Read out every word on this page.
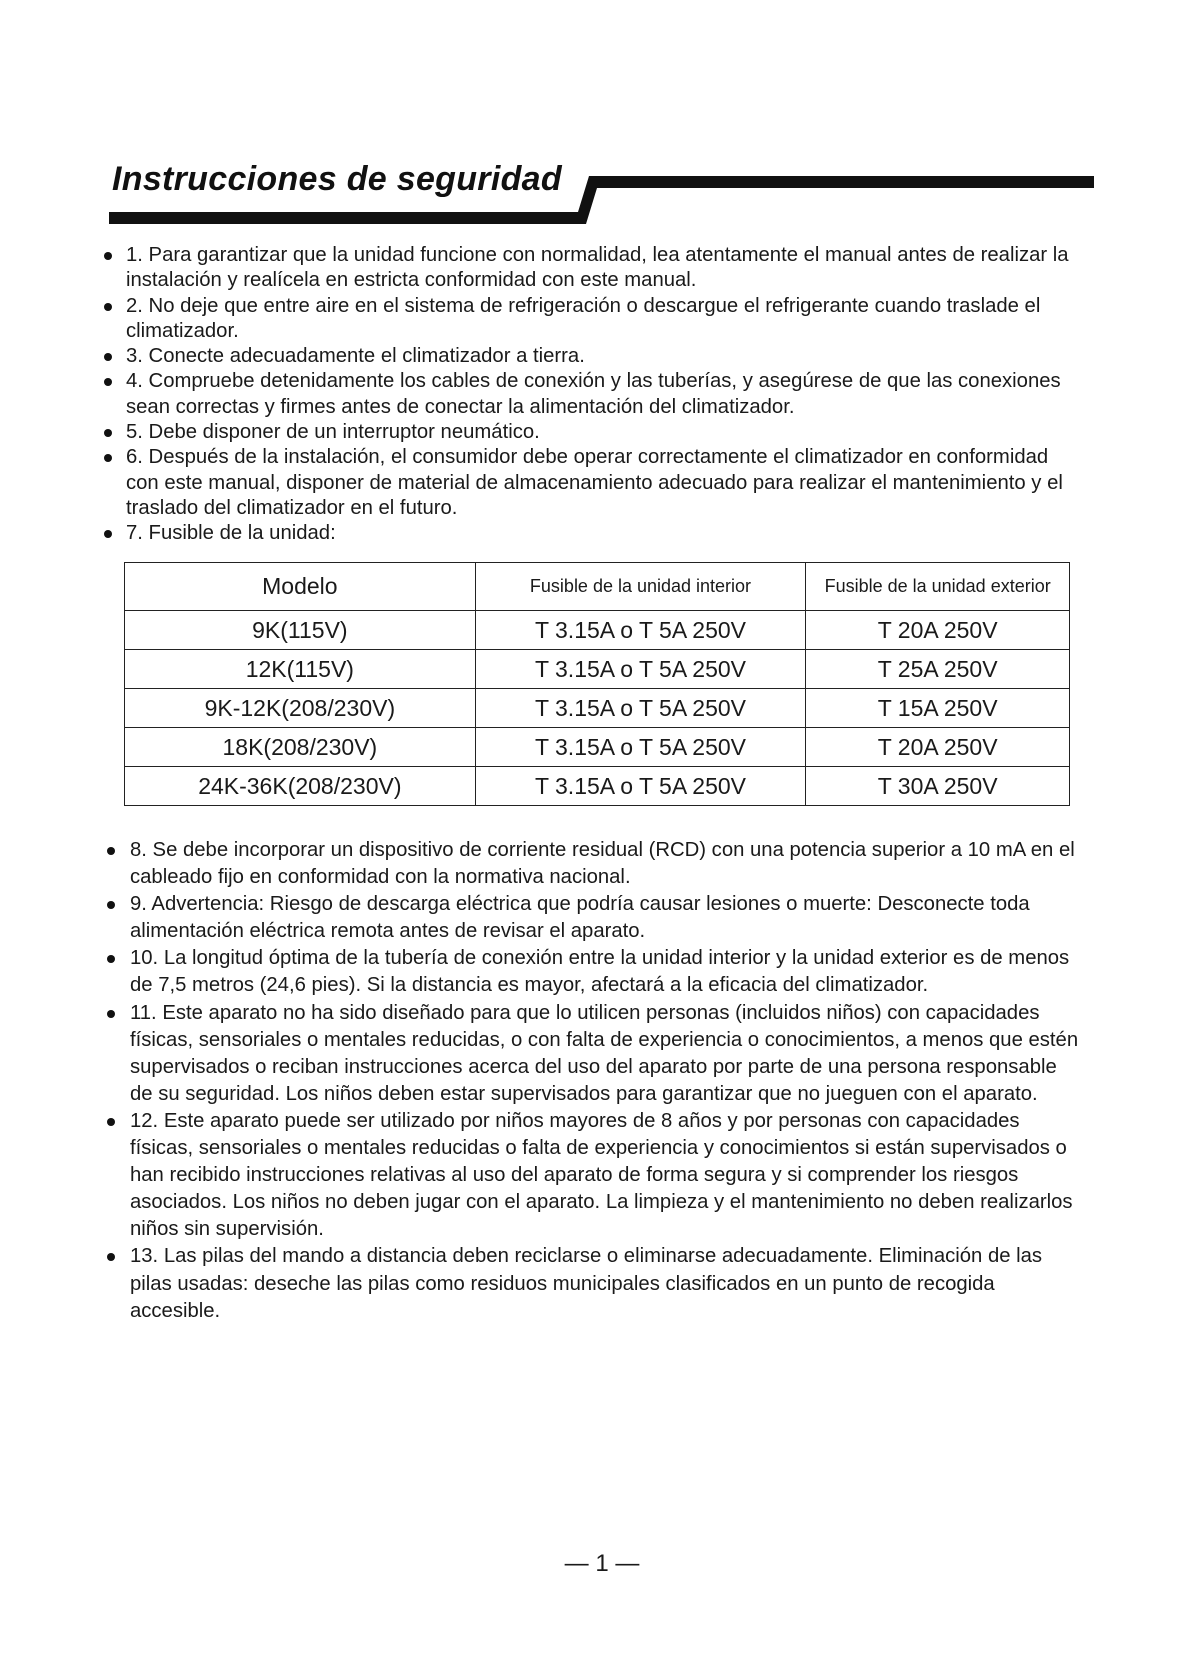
Instrucciones de seguridad
1. Para garantizar que la unidad funcione con normalidad, lea atentamente el manual antes de realizar la instalación y realícela en estricta conformidad con este manual.
2. No deje que entre aire en el sistema de refrigeración o descargue el refrigerante cuando traslade el climatizador.
3. Conecte adecuadamente el climatizador a tierra.
4. Compruebe detenidamente los cables de conexión y las tuberías, y asegúrese de que las conexiones sean correctas y firmes antes de conectar la alimentación del climatizador.
5. Debe disponer de un interruptor neumático.
6. Después de la instalación, el consumidor debe operar correctamente el climatizador en conformidad con este manual, disponer de material de almacenamiento adecuado para realizar el mantenimiento y el traslado del climatizador en el futuro.
7. Fusible de la unidad:
Modelo	Fusible de la unidad interior	Fusible de la unidad exterior
9K(115V)	T 3.15A o T 5A 250V	T 20A 250V
12K(115V)	T 3.15A o T 5A 250V	T 25A 250V
9K-12K(208/230V)	T 3.15A o T 5A 250V	T 15A 250V
18K(208/230V)	T 3.15A o T 5A 250V	T 20A 250V
24K-36K(208/230V)	T 3.15A o T 5A 250V	T 30A 250V
8. Se debe incorporar un dispositivo de corriente residual (RCD) con una potencia superior a 10 mA en el cableado fijo en conformidad con la normativa nacional.
9. Advertencia: Riesgo de descarga eléctrica que podría causar lesiones o muerte: Desconecte toda alimentación eléctrica remota antes de revisar el aparato.
10. La longitud óptima de la tubería de conexión entre la unidad interior y la unidad exterior es de menos de 7,5 metros (24,6 pies). Si la distancia es mayor, afectará a la eficacia del climatizador.
11. Este aparato no ha sido diseñado para que lo utilicen personas (incluidos niños) con capacidades físicas, sensoriales o mentales reducidas, o con falta de experiencia o conocimientos, a menos que estén supervisados o reciban instrucciones acerca del uso del aparato por parte de una persona responsable de su seguridad. Los niños deben estar supervisados para garantizar que no jueguen con el aparato.
12. Este aparato puede ser utilizado por niños mayores de 8 años y por personas con capacidades físicas, sensoriales o mentales reducidas o falta de experiencia y conocimientos si están supervisados o han recibido instrucciones relativas al uso del aparato de forma segura y si comprender los riesgos asociados. Los niños no deben jugar con el aparato. La limpieza y el mantenimiento no deben realizarlos niños sin supervisión.
13. Las pilas del mando a distancia deben reciclarse o eliminarse adecuadamente. Eliminación de las pilas usadas: deseche las pilas como residuos municipales clasificados en un punto de recogida accesible.
— 1 —
